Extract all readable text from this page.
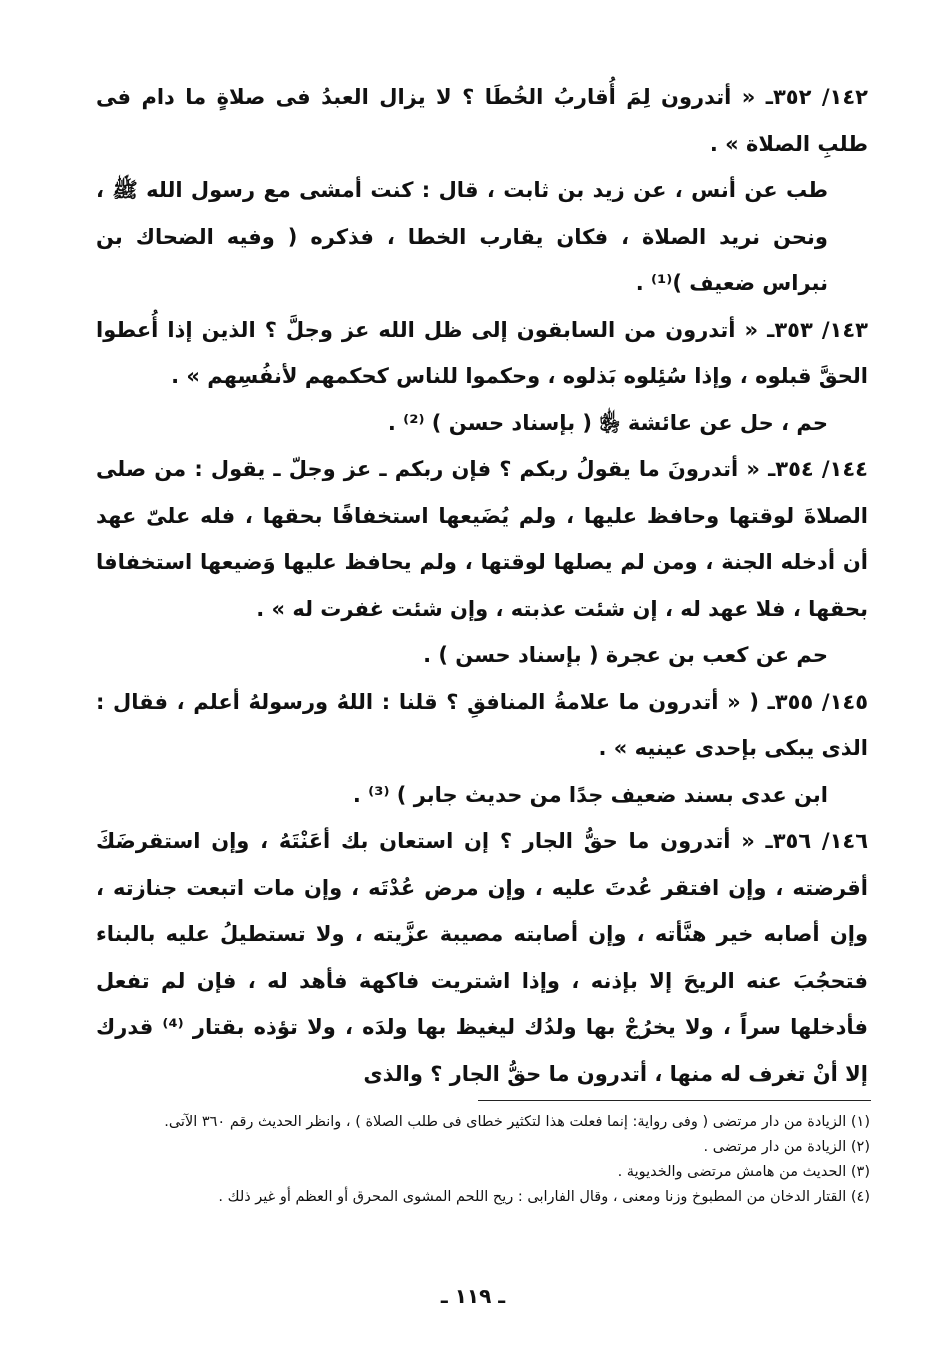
١٤٢/ ٣٥٢ـ « أتدرون لِمَ أُقاربُ الخُطَا ؟ لا يزال العبدُ فى صلاةٍ ما دام فى طلبِ الصلاة » .

طب عن أنس ، عن زيد بن ثابت ، قال : كنت أمشى مع رسول الله ﷺ ، ونحن نريد الصلاة ، فكان يقارب الخطا ، فذكره ( وفيه الضحاك بن نبراس ضعيف )⁽¹⁾ .

١٤٣/ ٣٥٣ـ « أتدرون من السابقون إلى ظل الله عز وجلَّ ؟ الذين إذا أُعطوا الحقَّ قبلوه ، وإذا سُئِلوه بَذلوه ، وحكموا للناس كحكمهم لأنفُسِهم » .

حم ، حل عن عائشة ﵂ ( بإسناد حسن ) ⁽²⁾ .

١٤٤/ ٣٥٤ـ « أتدرونَ ما يقولُ ربكم ؟ فإن ربكم ـ عز وجلّ ـ يقول : من صلى الصلاةَ لوقتها وحافظ عليها ، ولم يُضَيعها استخفافًا بحقها ، فله علىّ عهد أن أدخله الجنة ، ومن لم يصلها لوقتها ، ولم يحافظ عليها وَضيعها استخفافا بحقها ، فلا عهد له ، إن شئت عذبته ، وإن شئت غفرت له » .

حم عن كعب بن عجرة ( بإسناد حسن ) .

١٤٥/ ٣٥٥ـ ( « أتدرون ما علامةُ المنافقِ ؟ قلنا : اللهُ ورسولهُ أعلم ، فقال : الذى يبكى بإحدى عينيه » .

ابن عدى بسند ضعيف جدًا من حديث جابر ) ⁽³⁾ .

١٤٦/ ٣٥٦ـ « أتدرون ما حقُّ الجار ؟ إن استعان بك أعَنْتَهُ ، وإن استقرضَكَ أقرضته ، وإن افتقر عُدتَ عليه ، وإن مرض عُدْتَه ، وإن مات اتبعت جنازته ، وإن أصابه خير هنَّأته ، وإن أصابته مصيبة عزَّيته ، ولا تستطيلُ عليه بالبناء فتحجُبَ عنه الريحَ إلا بإذنه ، وإذا اشتريت فاكهة فأهد له ، فإن لم تفعل فأدخلها سراً ، ولا يخرُجْ بها ولدُك ليغيظ بها ولدَه ، ولا تؤذه بقتار ⁽⁴⁾ قدرك إلا أنْ تغرف له منها ، أتدرون ما حقُّ الجار ؟ والذى

(١) الزيادة من دار مرتضى ( وفى رواية: إنما فعلت هذا لتكثير خطاى فى طلب الصلاة ) ، وانظر الحديث رقم ٣٦٠ الآتى.

(٢) الزيادة من دار مرتضى .

(٣) الحديث من هامش مرتضى والخديوية .

(٤) القتار الدخان من المطبوخ وزنا ومعنى ، وقال الفارابى : ريح اللحم المشوى المحرق أو العظم أو غير ذلك .

ـ ١١٩ ـ
